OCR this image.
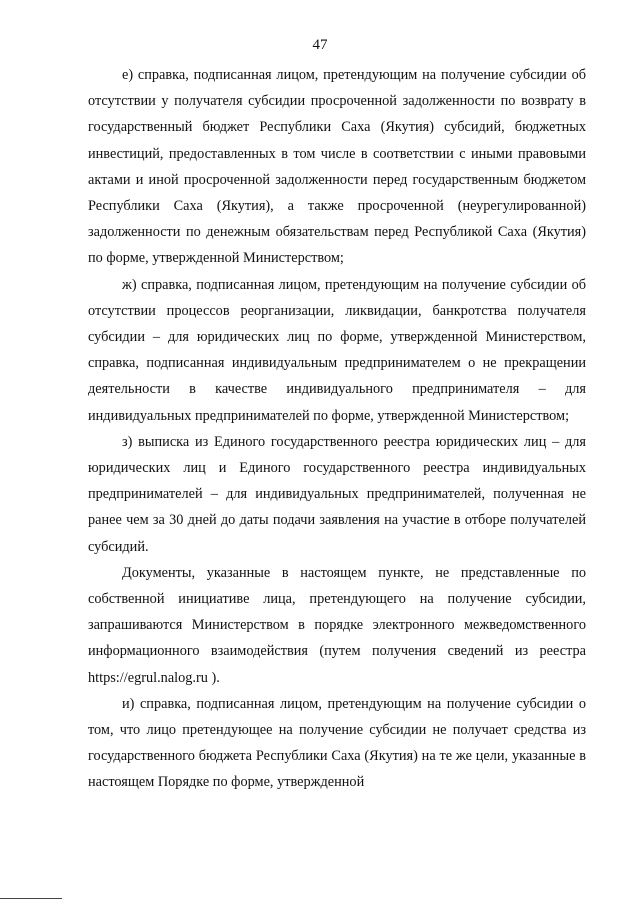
47

е) справка, подписанная лицом, претендующим на получение субсидии об отсутствии у получателя субсидии просроченной задолженности по возврату в государственный бюджет Республики Саха (Якутия) субсидий, бюджетных инвестиций, предоставленных в том числе в соответствии с иными правовыми актами и иной просроченной задолженности перед государственным бюджетом Республики Саха (Якутия), а также просроченной (неурегулированной) задолженности по денежным обязательствам перед Республикой Саха (Якутия) по форме, утвержденной Министерством;

ж) справка, подписанная лицом, претендующим на получение субсидии об отсутствии процессов реорганизации, ликвидации, банкротства получателя субсидии – для юридических лиц по форме, утвержденной Министерством, справка, подписанная индивидуальным предпринимателем о не прекращении деятельности в качестве индивидуального предпринимателя – для индивидуальных предпринимателей по форме, утвержденной Министерством;

з) выписка из Единого государственного реестра юридических лиц – для юридических лиц и Единого государственного реестра индивидуальных предпринимателей – для индивидуальных предпринимателей, полученная не ранее чем за 30 дней до даты подачи заявления на участие в отборе получателей субсидий.

Документы, указанные в настоящем пункте, не представленные по собственной инициативе лица, претендующего на получение субсидии, запрашиваются Министерством в порядке электронного межведомственного информационного взаимодействия (путем получения сведений из реестра https://egrul.nalog.ru ).

и) справка, подписанная лицом, претендующим на получение субсидии о том, что лицо претендующее на получение субсидии не получает средства из государственного бюджета Республики Саха (Якутия) на те же цели, указанные в настоящем Порядке по форме, утвержденной
